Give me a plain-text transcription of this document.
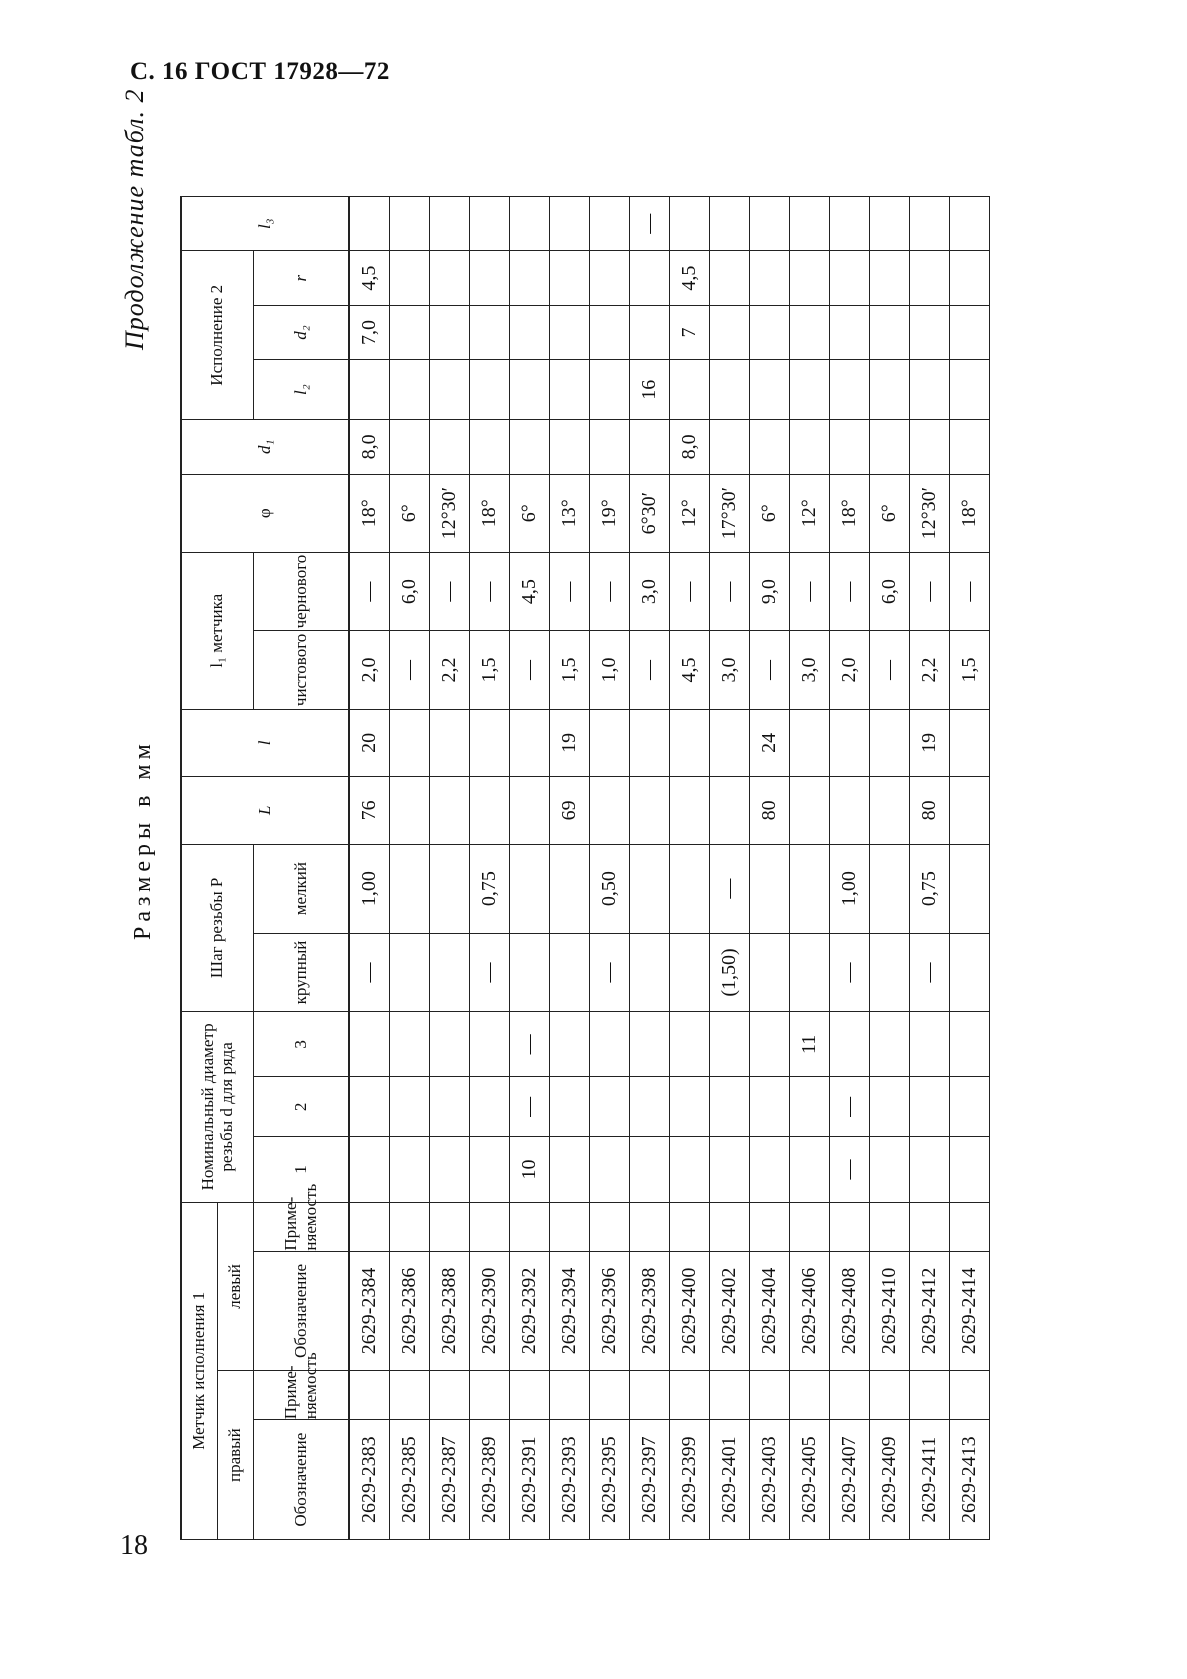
С. 16 ГОСТ 17928—72
18
Продолжение табл. 2
Размеры в мм
Метчик исполнения 1				Номинальный диаметр резьбы d для ряда			Шаг резьбы P		L	l	l₁ метчика		φ	d₁	Исполнение 2			l₃	
правый		левый																	
Обозначение	Применяемость	Обозначение	Применяемость	1	2	3	крупный	мелкий			чистового	чернового			l₂	d₂	r		
2629-2383		2629-2384					—	1,00	76	20	2,0	—	18°	8,0		7,0	4,5		
2629-2385		2629-2386									—	6,0	6°						
2629-2387		2629-2388									2,2	—	12°30′						
2629-2389		2629-2390					—	0,75			1,5	—	18°						
2629-2391		2629-2392		10	—	—					—	4,5	6°						
2629-2393		2629-2394							69	19	1,5	—	13°						
2629-2395		2629-2396					—	0,50			1,0	—	19°						
2629-2397		2629-2398									—	3,0	6°30′		16			—	
2629-2399		2629-2400									4,5	—	12°	8,0		7	4,5		
2629-2401		2629-2402					(1,50)	—			3,0	—	17°30′						
2629-2403		2629-2404							80	24	—	9,0	6°						
2629-2405		2629-2406				11					3,0	—	12°						
2629-2407		2629-2408		—	—		—	1,00			2,0	—	18°						
2629-2409		2629-2410									—	6,0	6°						
2629-2411		2629-2412					—	0,75	80	19	2,2	—	12°30′						
2629-2413		2629-2414									1,5	—	18°						
